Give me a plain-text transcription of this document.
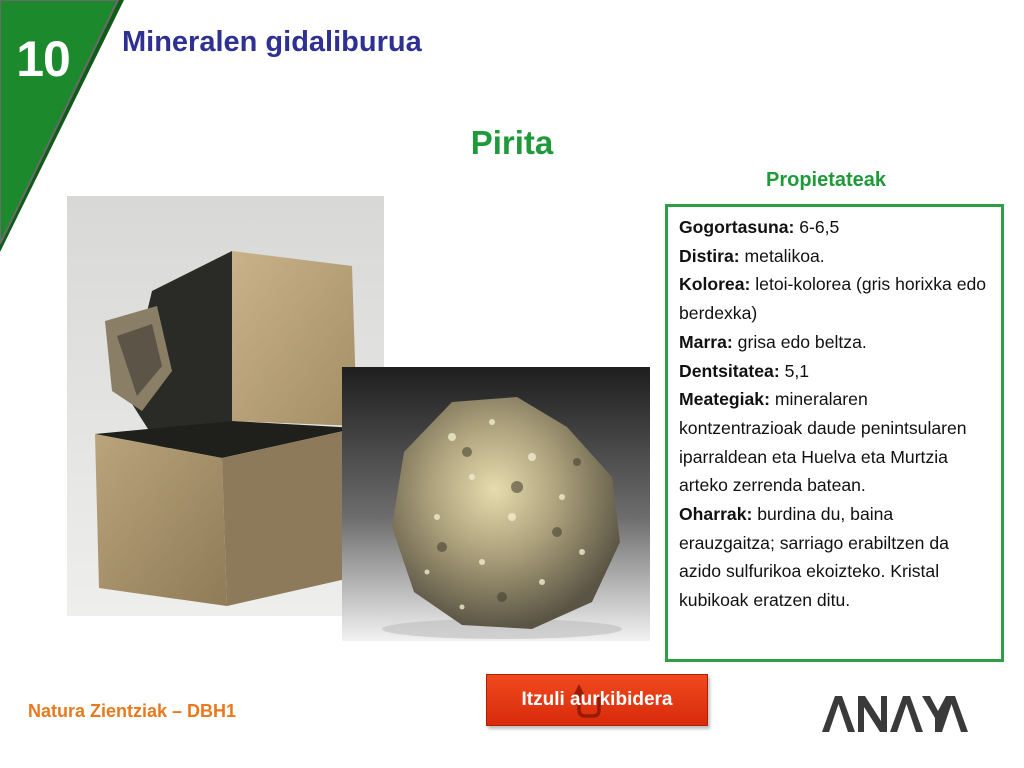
10 Mineralen gidaliburua
Pirita
Propietateak

Gogortasuna: 6-6,5

Distira: metalikoa.

Kolorea: letoi-kolorea (gris horixka edo berdexka)

Marra: grisa edo beltza.

Dentsitatea: 5,1

Meategiak: mineralaren kontzentrazioak daude penintsularen iparraldean eta Huelva eta Murtzia arteko zerrenda batean.

Oharrak: burdina du, baina erauzgaitza; sarriago erabiltzen da azido sulfurikoa ekoizteko. Kristal kubikoak eratzen ditu.

Itzuli aurkibidera
Natura Zientziak – DBH1
